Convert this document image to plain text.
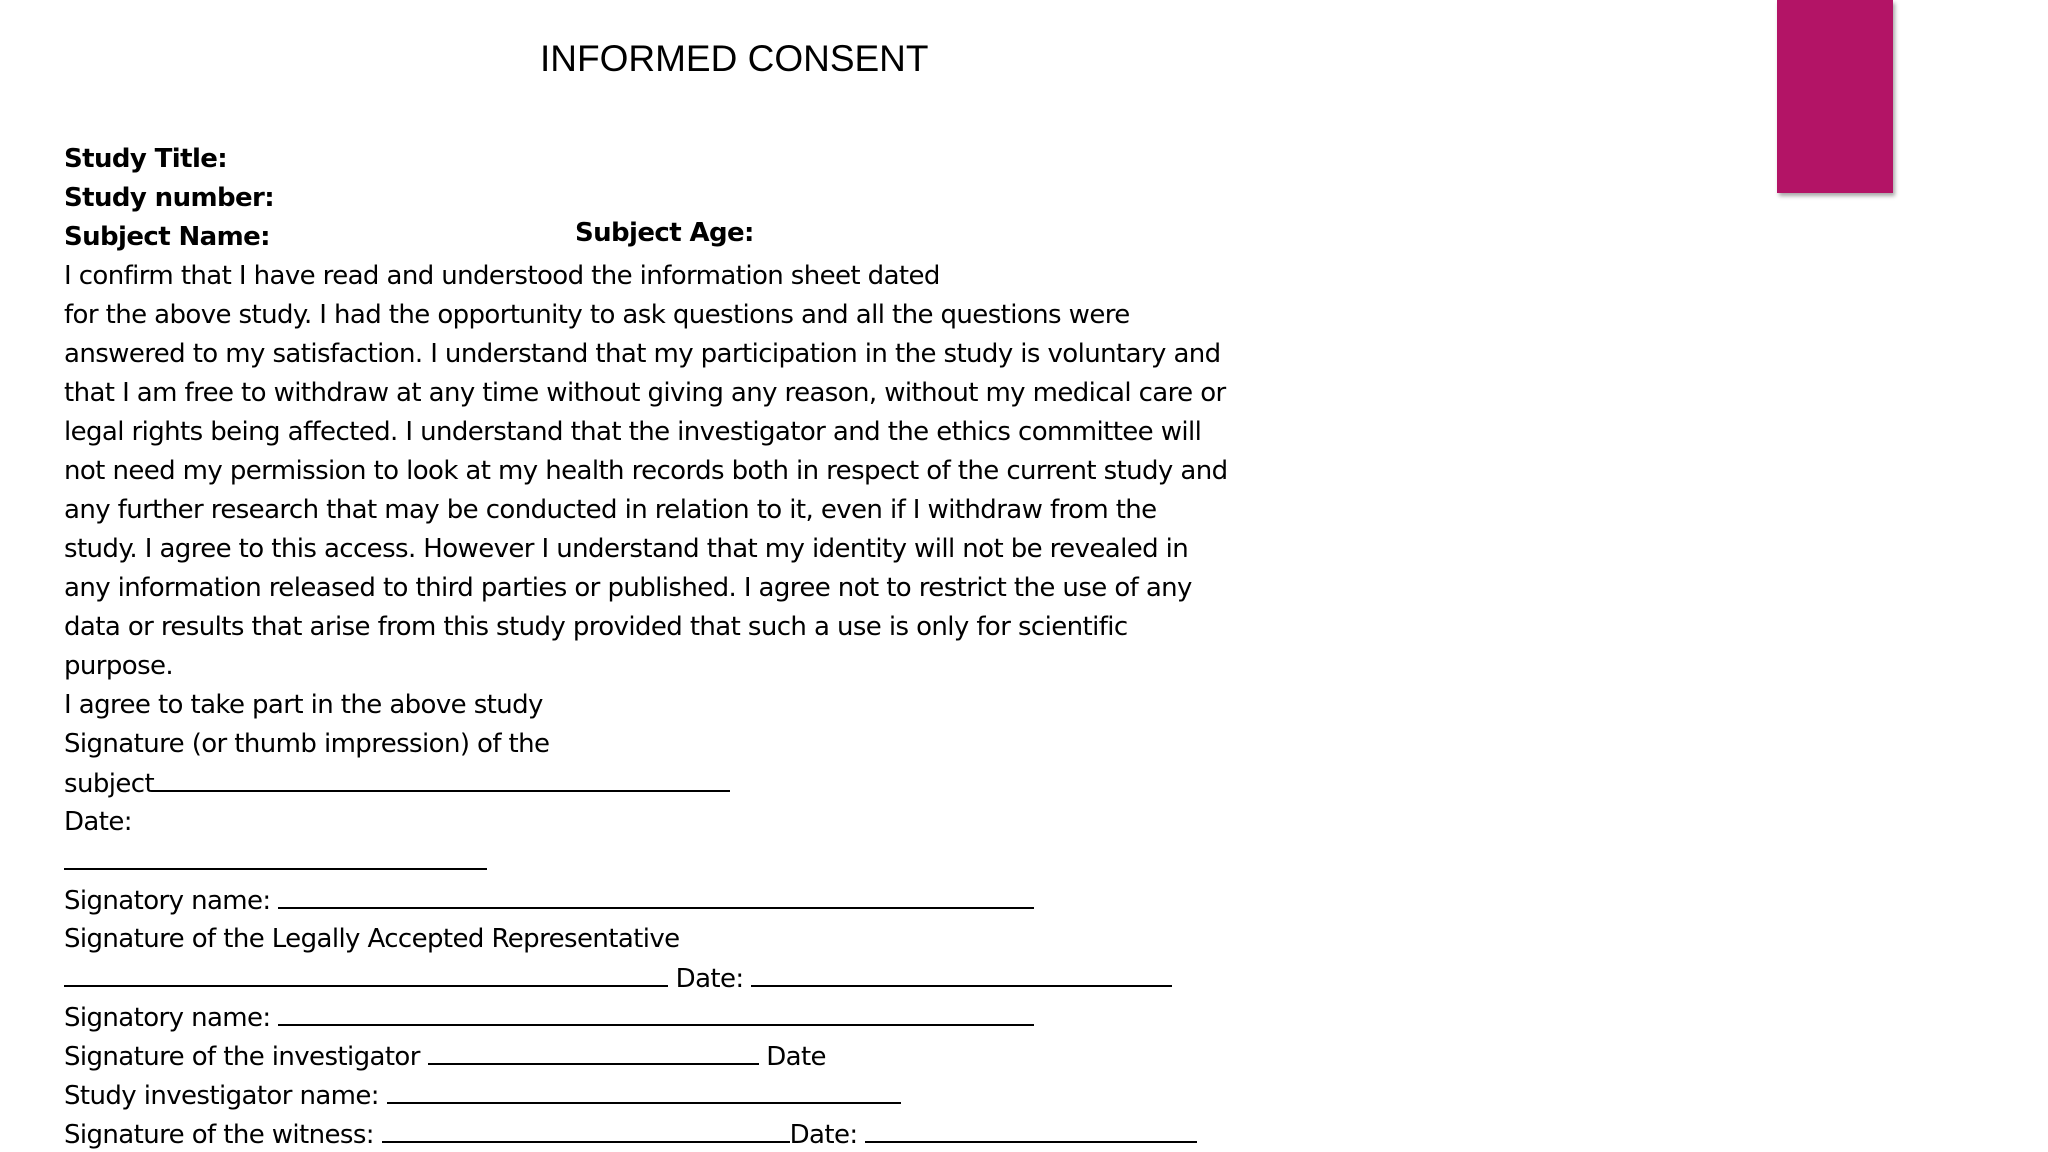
INFORMED CONSENT
Study Title:
Study number:
Subject Name:
I confirm that I have read and understood the information sheet dated
for the above study. I had the opportunity to ask questions and all the questions were
answered to my satisfaction. I understand that my participation in the study is voluntary and
that I am free to withdraw at any time without giving any reason, without my medical care or
legal rights being affected. I understand that the investigator and the ethics committee will
not need my permission to look at my health records both in respect of the current study and
any further research that may be conducted in relation to it, even if I withdraw from the
study. I agree to this access. However I understand that my identity will not be revealed in
any information released to third parties or published. I agree not to restrict the use of any
data or results that arise from this study provided that such a use is only for scientific
purpose.
I agree to take part in the above study
Signature (or thumb impression) of the
subject
Date:
Signatory name:
Signature of the Legally Accepted Representative
Date:
Signatory name:
Signature of the investigator	Date
Study investigator name:
Signature of the witness:	Date:
Subject Age:
